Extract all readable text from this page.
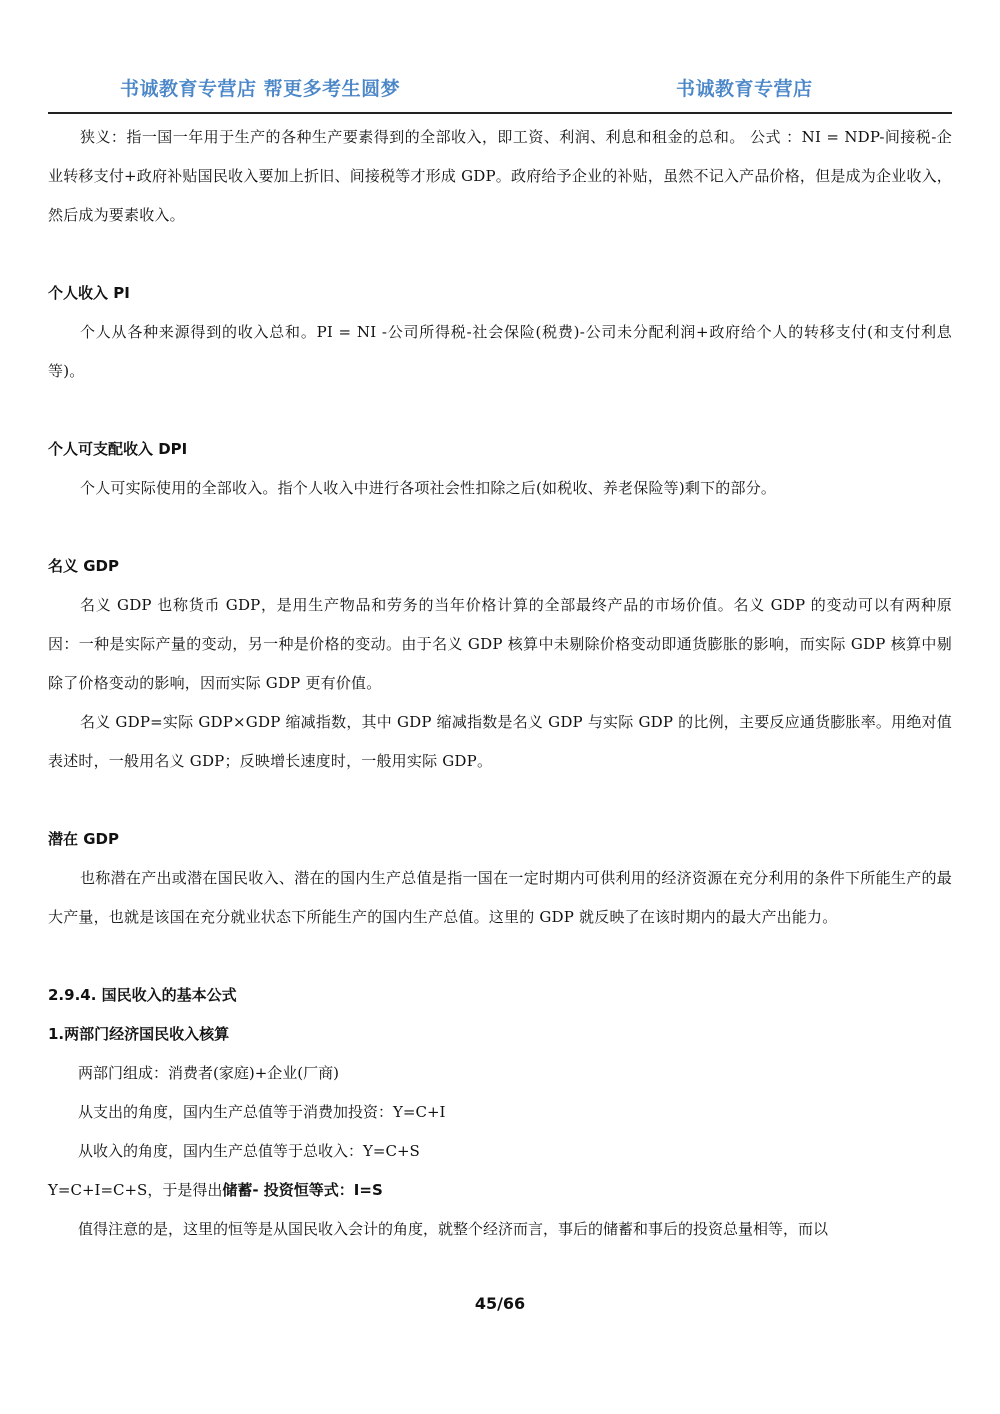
书诚教育专营店 帮更多考生圆梦	书诚教育专营店

狭义：指一国一年用于生产的各种生产要素得到的全部收入，即工资、利润、利息和租金的总和。 公式 ：NI = NDP-间接税-企业转移支付+政府补贴国民收入要加上折旧、间接税等才形成 GDP。政府给予企业的补贴，虽然不记入产品价格，但是成为企业收入，然后成为要素收入。

个人收入 PI

个人从各种来源得到的收入总和。PI = NI -公司所得税-社会保险(税费)-公司未分配利润+政府给个人的转移支付(和支付利息等)。

个人可支配收入 DPI

个人可实际使用的全部收入。指个人收入中进行各项社会性扣除之后(如税收、养老保险等)剩下的部分。

名义 GDP

名义 GDP 也称货币 GDP，是用生产物品和劳务的当年价格计算的全部最终产品的市场价值。名义 GDP 的变动可以有两种原因：一种是实际产量的变动，另一种是价格的变动。由于名义 GDP 核算中未剔除价格变动即通货膨胀的影响，而实际 GDP 核算中剔除了价格变动的影响，因而实际 GDP 更有价值。

名义 GDP=实际 GDP×GDP 缩减指数，其中 GDP 缩减指数是名义 GDP 与实际 GDP 的比例，主要反应通货膨胀率。用绝对值表述时，一般用名义 GDP；反映增长速度时，一般用实际 GDP。

潜在 GDP

也称潜在产出或潜在国民收入、潜在的国内生产总值是指一国在一定时期内可供利用的经济资源在充分利用的条件下所能生产的最大产量，也就是该国在充分就业状态下所能生产的国内生产总值。这里的 GDP 就反映了在该时期内的最大产出能力。

2.9.4. 国民收入的基本公式

1.两部门经济国民收入核算

两部门组成：消费者(家庭)+企业(厂商)

从支出的角度，国内生产总值等于消费加投资：Y=C+I

从收入的角度，国内生产总值等于总收入：Y=C+S

Y=C+I=C+S，于是得出储蓄- 投资恒等式：I=S

值得注意的是，这里的恒等是从国民收入会计的角度，就整个经济而言，事后的储蓄和事后的投资总量相等，而以

45/66
